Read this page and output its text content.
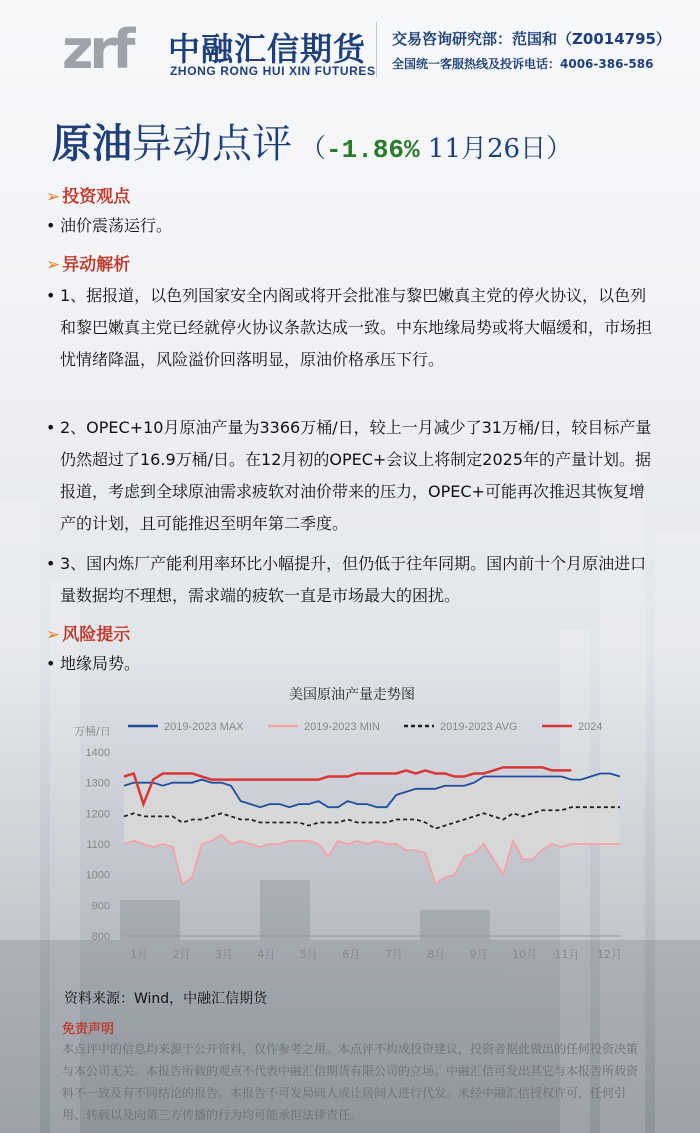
zrf 中融汇信期货
ZHONG RONG HUI XIN FUTURES
交易咨询研究部：范国和（Z0014795）
全国统一客服热线及投诉电话：4006-386-586
原油异动点评 （-1.86% 11月26日）
➢ 投资观点
• 油价震荡运行。
➢ 异动解析
• 1、据报道，以色列国家安全内阁或将开会批准与黎巴嫩真主党的停火协议，以色列和黎巴嫩真主党已经就停火协议条款达成一致。中东地缘局势或将大幅缓和，市场担忧情绪降温，风险溢价回落明显，原油价格承压下行。
• 2、OPEC+10月原油产量为3366万桶/日，较上一月减少了31万桶/日，较目标产量仍然超过了16.9万桶/日。在12月初的OPEC+会议上将制定2025年的产量计划。据报道，考虑到全球原油需求疲软对油价带来的压力，OPEC+可能再次推迟其恢复增产的计划，且可能推迟至明年第二季度。
• 3、国内炼厂产能利用率环比小幅提升，但仍低于往年同期。国内前十个月原油进口量数据均不理想，需求端的疲软一直是市场最大的困扰。
➢ 风险提示
• 地缘局势。
美国原油产量走势图
2019-2023 MAX	2019-2023 MIN	2019-2023 AVG	2024
万桶/日
800
900
1000
1100
1200
1300
1400
1月 2月 3月 4月 5月 6月 7月 8月 9月 10月 11月 12月
资料来源：Wind，中融汇信期货
免责声明
本点评中的信息均来源于公开资料，仅作参考之用。本点评不构成投资建议，投资者据此做出的任何投资决策与本公司无关。本报告所载的观点不代表中融汇信期货有限公司的立场。中融汇信可发出其它与本报告所载资料不一致及有不同结论的报告。本报告不可发局间人或让居间人进行代发。未经中融汇信授权许可，任何引用、转载以及向第三方传播的行为均可能承担法律责任。
